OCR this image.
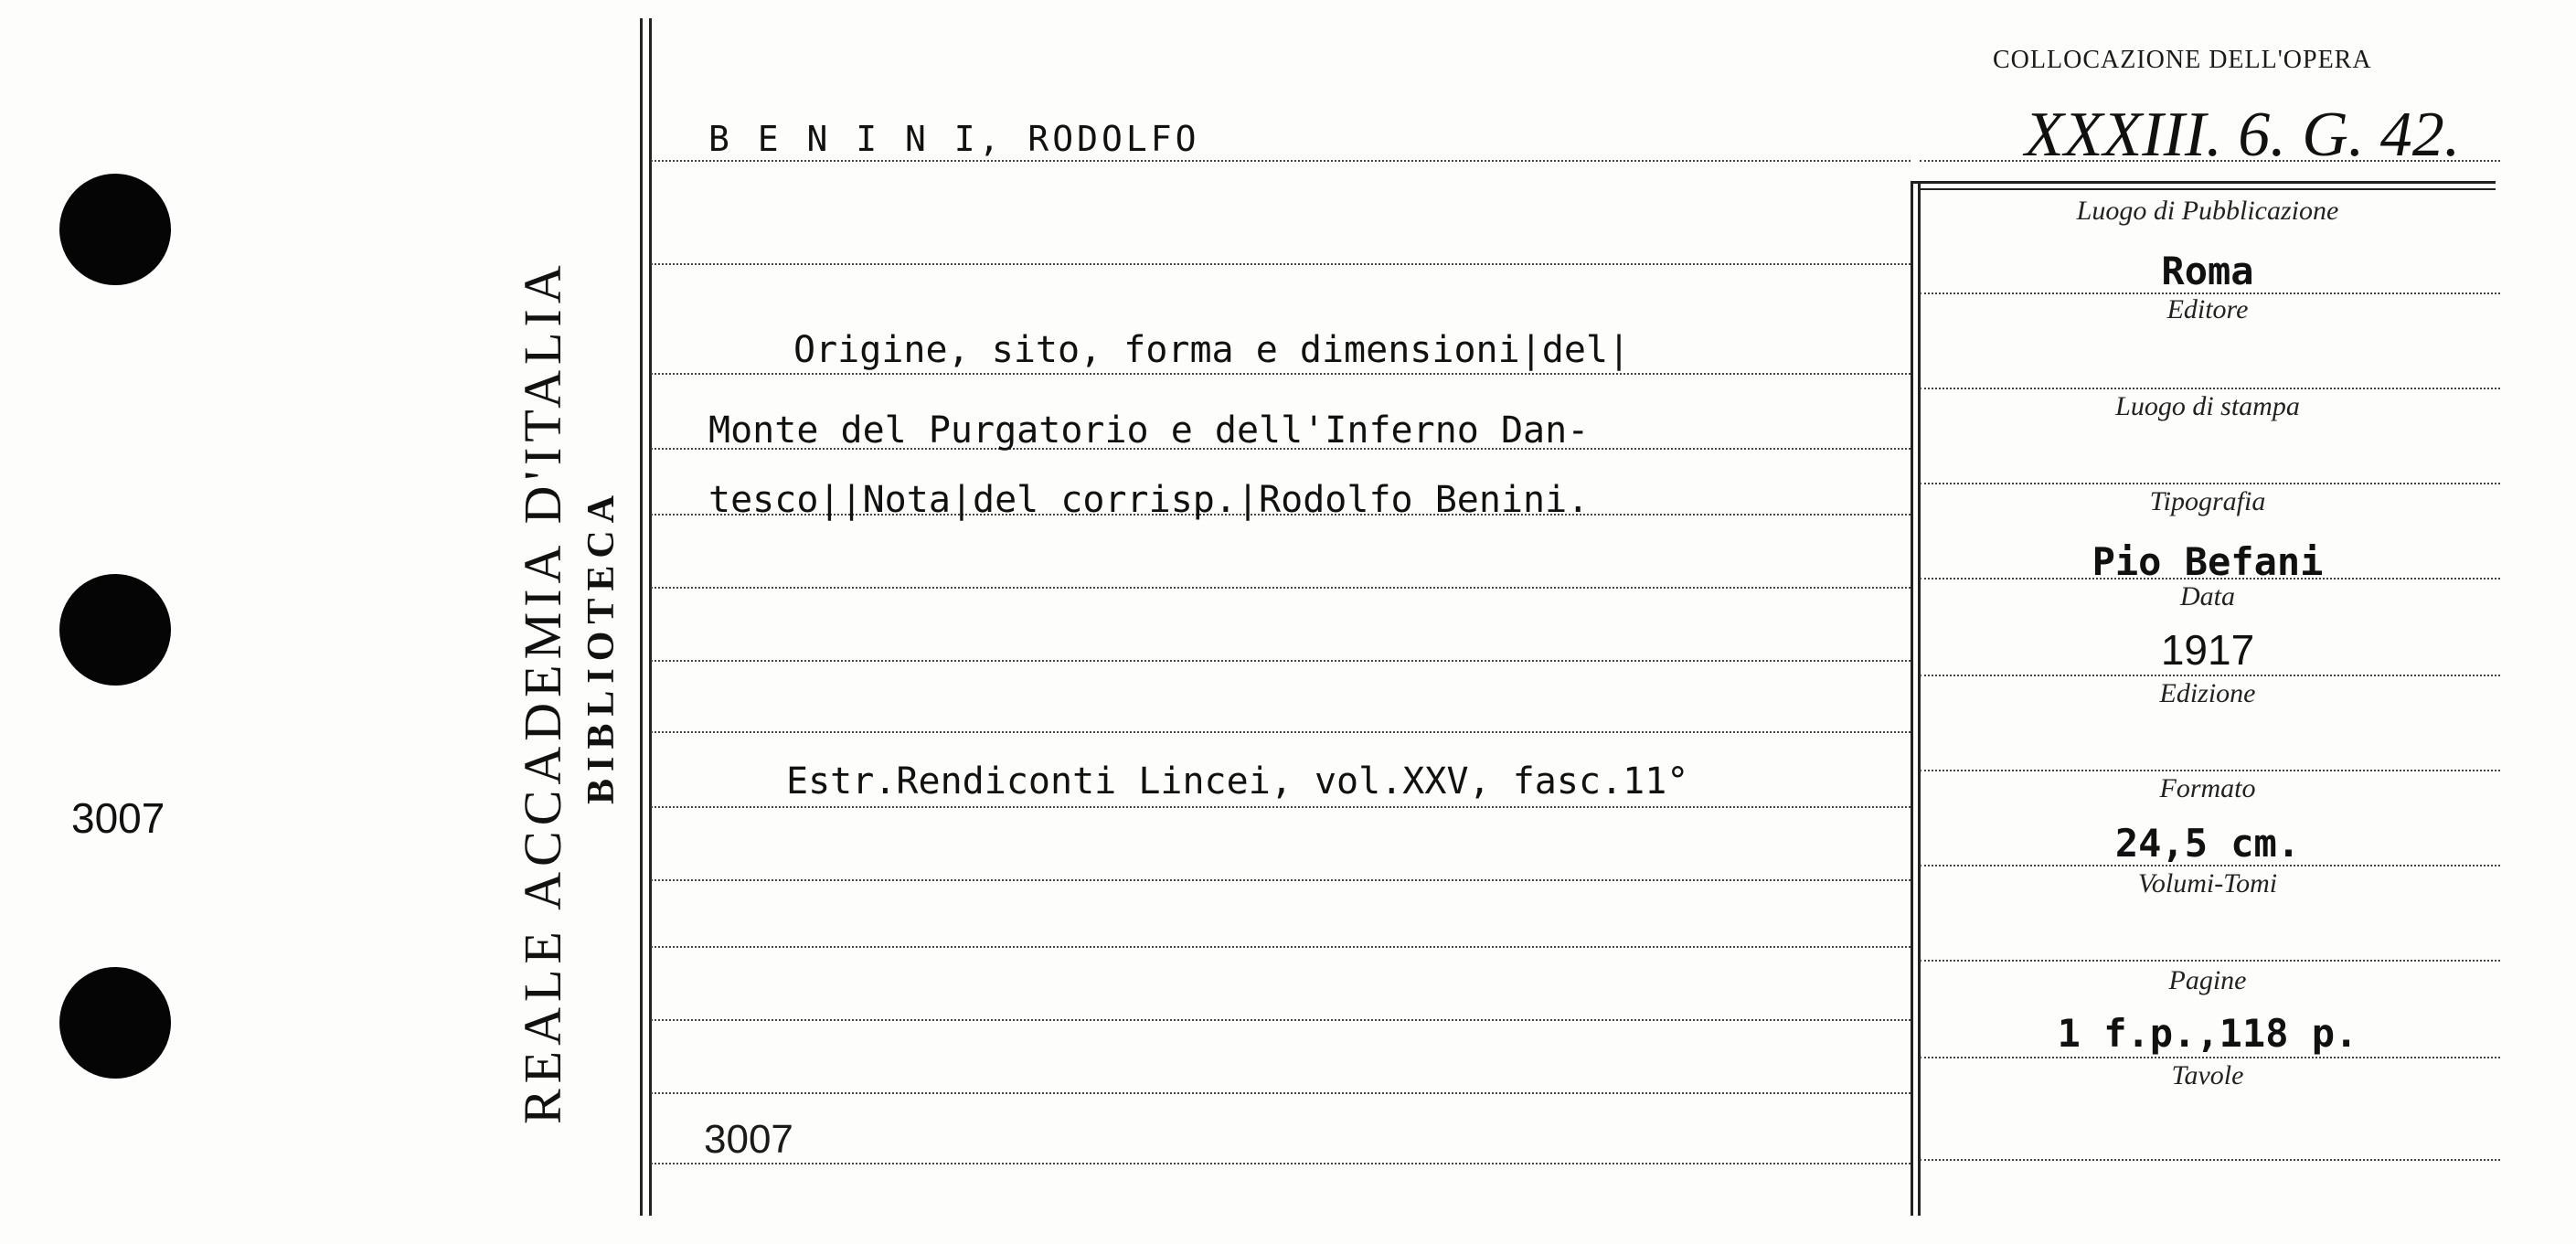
3007	REALE ACCADEMIA D'ITALIA BIBLIOTECA
B E N I N I, RODOLFO
Origine, sito, forma e dimensioni|del|
Monte del Purgatorio e dell'Inferno Dan-
tesco||Nota|del corrisp.|Rodolfo Benini.
Estr.Rendiconti Lincei, vol.XXV, fasc.11°
3007
COLLOCAZIONE DELL'OPERA
XXXIII. 6. G. 42.
Luogo di Pubblicazione
Roma
Editore
Luogo di stampa
Tipografia
Pio Befani
Data
1917
Edizione
Formato
24,5 cm.
Volumi-Tomi
Pagine
1 f.p.,118 p.
Tavole
